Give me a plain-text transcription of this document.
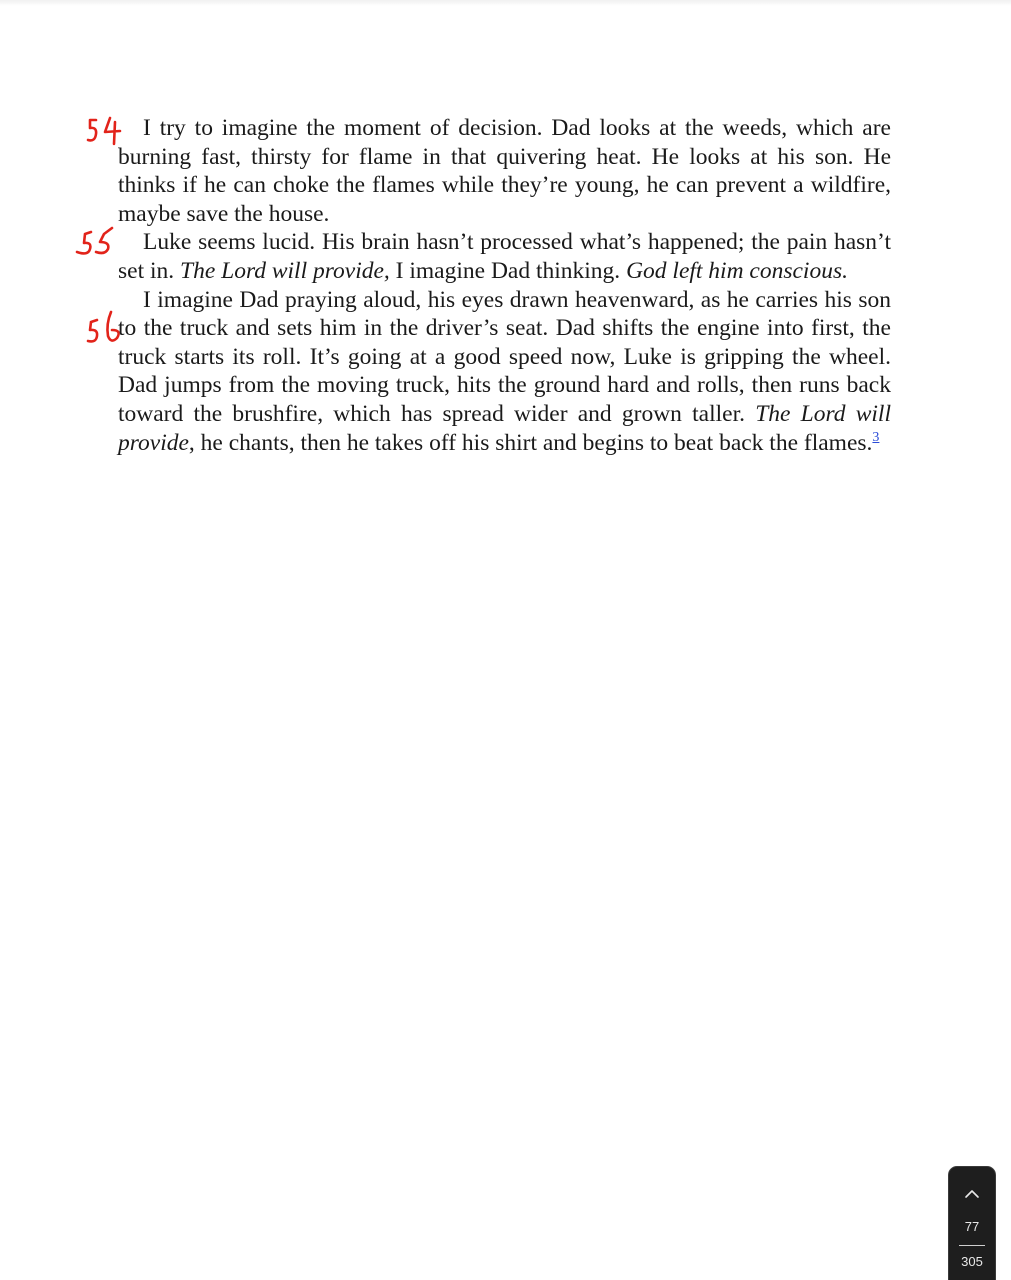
I try to imagine the moment of decision. Dad looks at the weeds, which are burning fast, thirsty for flame in that quivering heat. He looks at his son. He thinks if he can choke the flames while they’re young, he can prevent a wildfire, maybe save the house.

Luke seems lucid. His brain hasn’t processed what’s happened; the pain hasn’t set in. The Lord will provide, I imagine Dad thinking. God left him conscious.

I imagine Dad praying aloud, his eyes drawn heavenward, as he carries his son to the truck and sets him in the driver’s seat. Dad shifts the engine into first, the truck starts its roll. It’s going at a good speed now, Luke is gripping the wheel. Dad jumps from the moving truck, hits the ground hard and rolls, then runs back toward the brushfire, which has spread wider and grown taller. The Lord will provide, he chants, then he takes off his shirt and begins to beat back the flames.$^3$

77
305
